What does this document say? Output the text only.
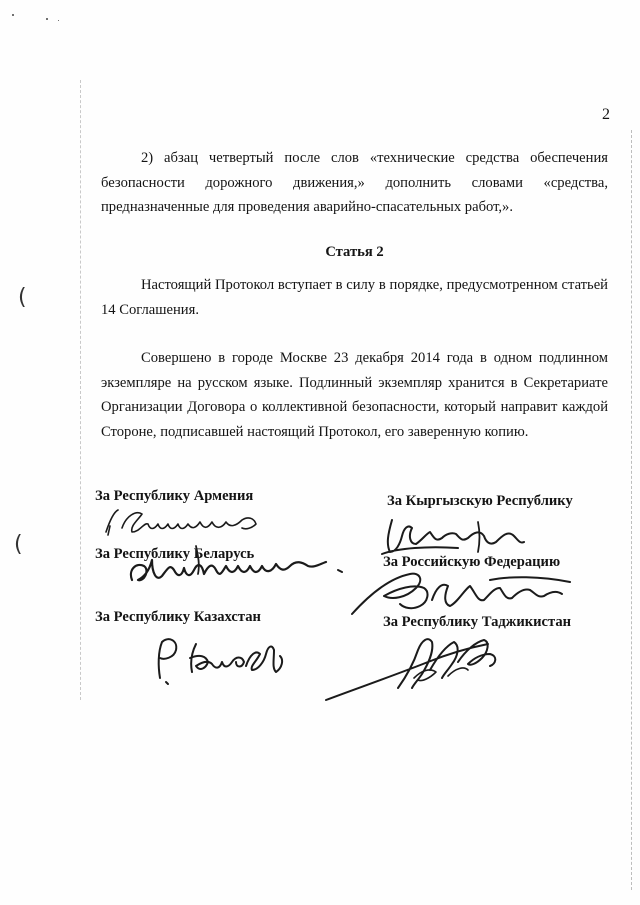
(
(
2

2) абзац четвертый после слов «технические средства обеспечения безопасности дорожного движения,» дополнить словами «средства, предназначенные для проведения аварийно-спасательных работ,».

Статья 2

Настоящий Протокол вступает в силу в порядке, предусмотренном статьей 14 Соглашения.

Совершено в городе Москве 23 декабря 2014 года в одном подлинном экземпляре на русском языке. Подлинный экземпляр хранится в Секретариате Организации Договора о коллективной безопасности, который направит каждой Стороне, подписавшей настоящий Протокол, его заверенную копию.

За Республику Армения	За Кыргызскую Республику
За Республику Беларусь	За Российскую Федерацию
За Республику Казахстан	За Республику Таджикистан
